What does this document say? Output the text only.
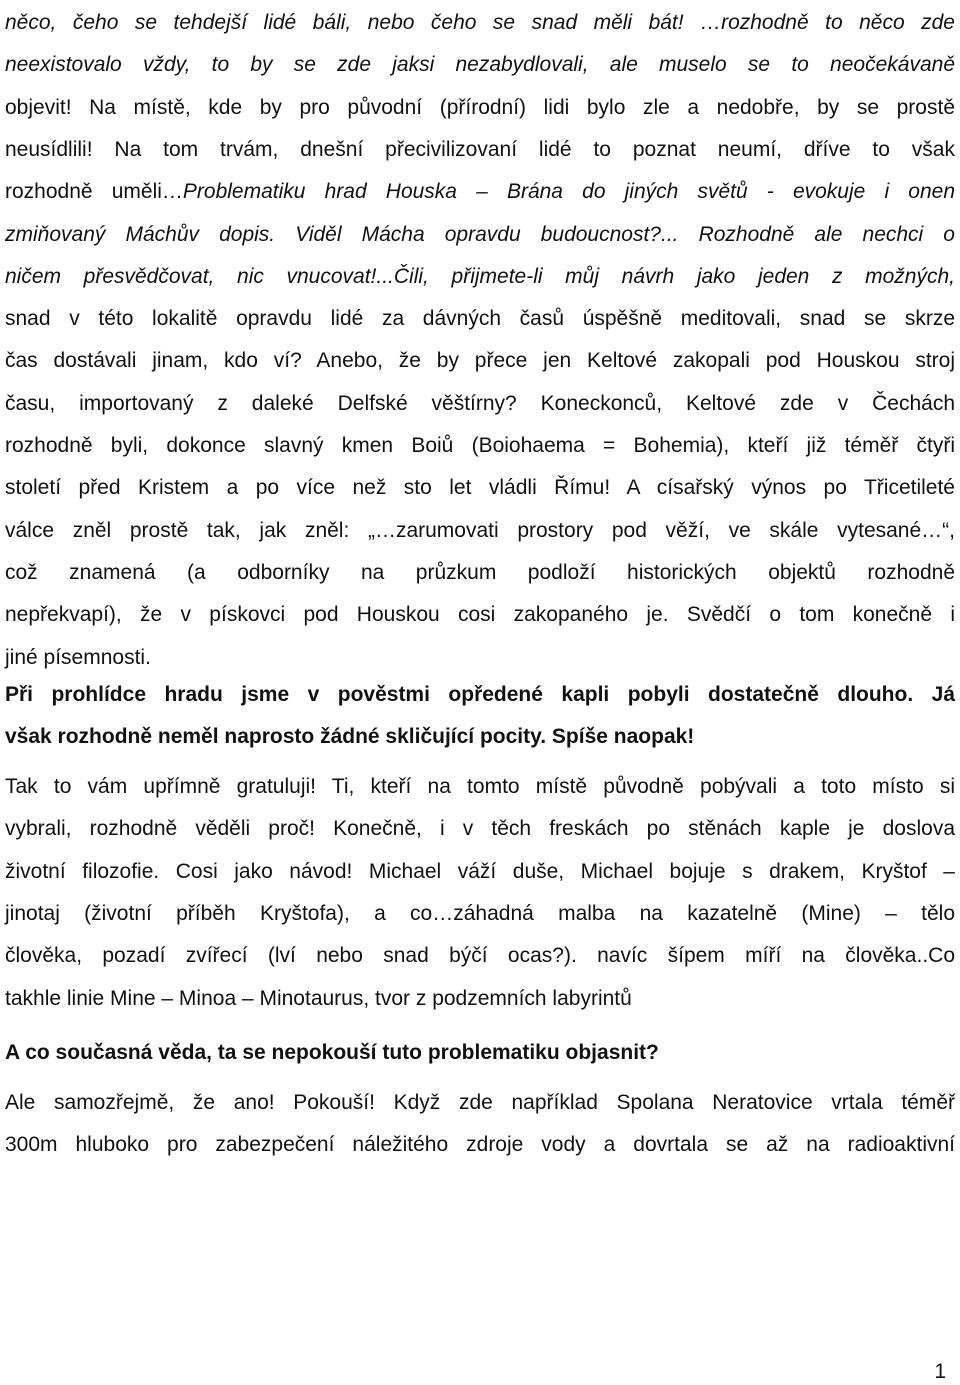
něco, čeho se tehdejší lidé báli, nebo čeho se snad měli bát! …rozhodně to něco zde
neexistovalo vždy, to by se zde jaksi nezabydlovali, ale muselo se to neočekávaně
objevit! Na místě, kde by pro původní (přírodní) lidi bylo zle a nedobře, by se prostě
neusídlili! Na tom trvám, dnešní přecivilizovaní lidé to poznat neumí, dříve to však
rozhodně uměli…Problematiku hrad Houska – Brána do jiných světů - evokuje i onen
zmiňovaný Máchův dopis. Viděl Mácha opravdu budoucnost?... Rozhodně ale nechci o
ničem přesvědčovat, nic vnucovat!...Čili, přijmete-li můj návrh jako jeden z možných,
snad v této lokalitě opravdu lidé za dávných časů úspěšně meditovali, snad se skrze
čas dostávali jinam, kdo ví? Anebo, že by přece jen Keltové zakopali pod Houskou stroj
času, importovaný z daleké Delfské věštírny? Koneckonců, Keltové zde v Čechách
rozhodně byli, dokonce slavný kmen Boiů (Boiohaema = Bohemia), kteří již téměř čtyři
století před Kristem a po více než sto let vládli Římu! A císařský výnos po Třicetileté
válce zněl prostě tak, jak zněl: „…zarumovati prostory pod věží, ve skále vytesané…“,
což znamená (a odborníky na průzkum podloží historických objektů rozhodně
nepřekvapí), že v pískovci pod Houskou cosi zakopaného je. Svědčí o tom konečně i
jiné písemnosti.
Při prohlídce hradu jsme v pověstmi opředené kapli pobyli dostatečně dlouho. Já
však rozhodně neměl naprosto žádné skličující pocity. Spíše naopak!
Tak to vám upřímně gratuluji! Ti, kteří na tomto místě původně pobývali a toto místo si
vybrali, rozhodně věděli proč! Konečně, i v těch freskách po stěnách kaple je doslova
životní filozofie. Cosi jako návod! Michael váží duše, Michael bojuje s drakem, Kryštof –
jinotaj (životní příběh Kryštofa), a co…záhadná malba na kazatelně (Mine) – tělo
člověka, pozadí zvířecí (lví nebo snad býčí ocas?). navíc šípem míří na člověka..Co
takhle linie Mine – Minoa – Minotaurus, tvor z podzemních labyrintů
A co současná věda, ta se nepokouší tuto problematiku objasnit?
Ale samozřejmě, že ano! Pokouší! Když zde například Spolana Neratovice vrtala téměř
300m hluboko pro zabezpečení náležitého zdroje vody a dovrtala se až na radioaktivní
1
